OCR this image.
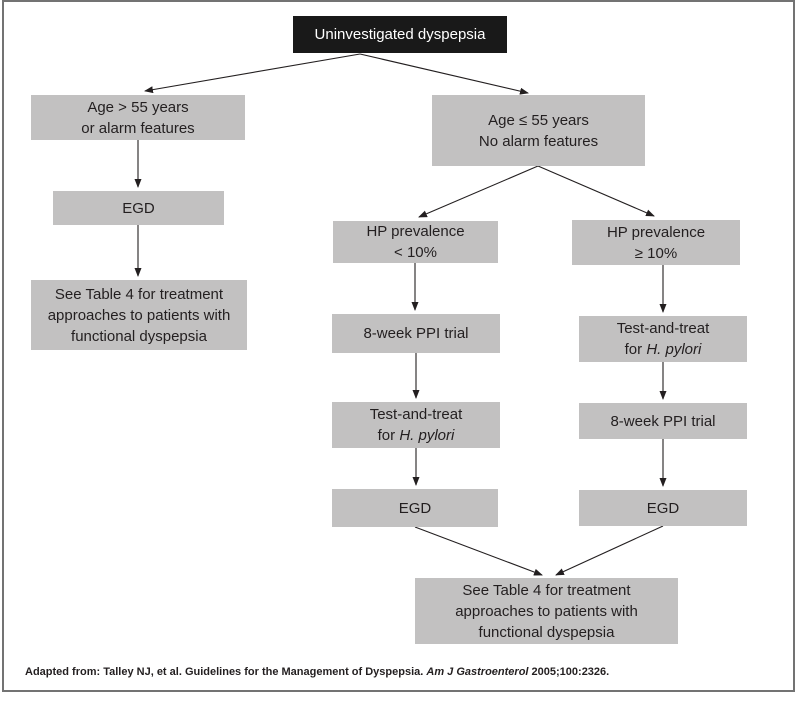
Uninvestigated dyspepsia
Age > 55 years
or alarm features
EGD
See Table 4 for treatment
approaches to patients with
functional dyspepsia
Age ≤ 55 years
No alarm features
HP prevalence
< 10%
HP prevalence
≥ 10%
8-week PPI trial	Test-and-treat
for H. pylori
Test-and-treat
for H. pylori
8-week PPI trial
EGD	EGD
See Table 4 for treatment
approaches to patients with
functional dyspepsia
Adapted from: Talley NJ, et al. Guidelines for the Management of Dyspepsia. Am J Gastroenterol 2005;100:2326.
